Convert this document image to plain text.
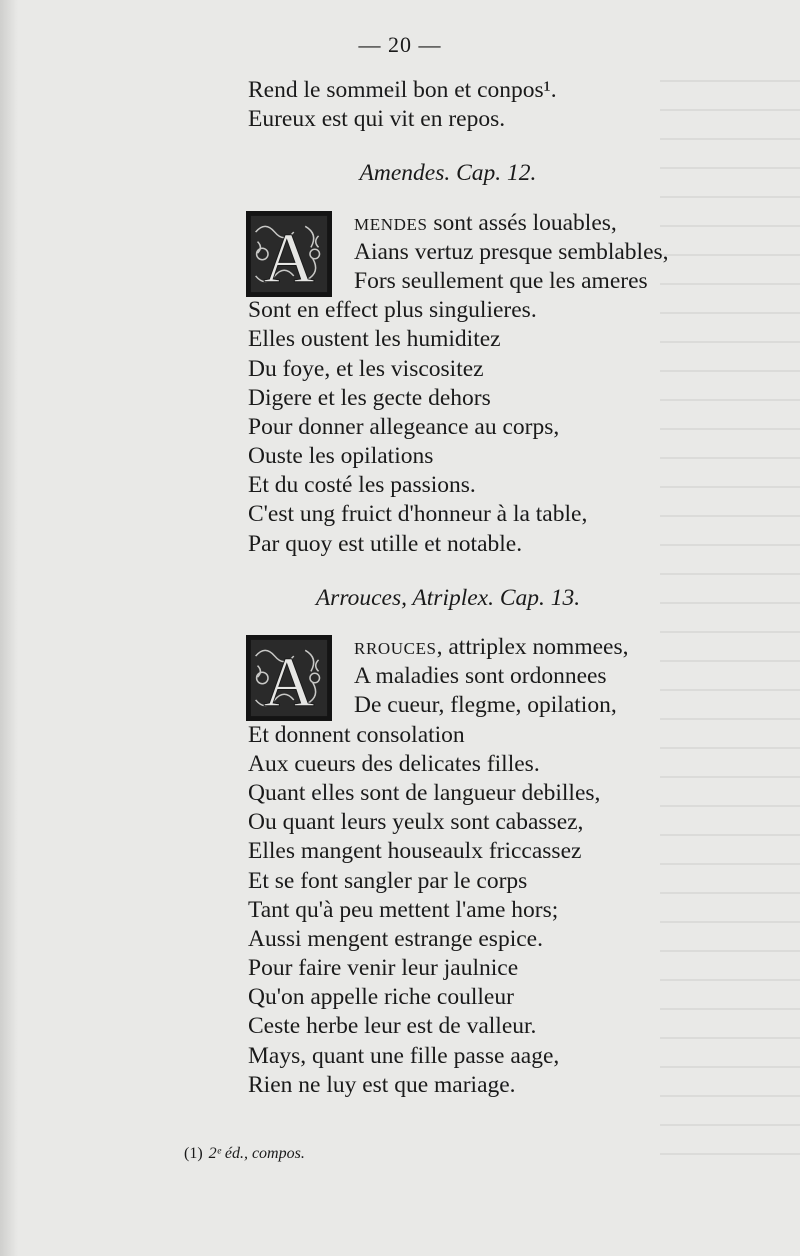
— 20 —
Rend le sommeil bon et conpos¹.
Eureux est qui vit en repos.
Amendes. Cap. 12.
A	MENDES sont assés louables,
Aians vertuz presque semblables,
Fors seullement que les ameres
Sont en effect plus singulieres.
Elles oustent les humiditez
Du foye, et les viscositez
Digere et les gecte dehors
Pour donner allegeance au corps,
Ouste les opilations
Et du costé les passions.
C'est ung fruict d'honneur à la table,
Par quoy est utille et notable.
Arrouces, Atriplex. Cap. 13.
A	RROUCES, attriplex nommees,
A maladies sont ordonnees
De cueur, flegme, opilation,
Et donnent consolation
Aux cueurs des delicates filles.
Quant elles sont de langueur debilles,
Ou quant leurs yeulx sont cabassez,
Elles mangent houseaulx friccassez
Et se font sangler par le corps
Tant qu'à peu mettent l'ame hors;
Aussi mengent estrange espice.
Pour faire venir leur jaulnice
Qu'on appelle riche coulleur
Ceste herbe leur est de valleur.
Mays, quant une fille passe aage,
Rien ne luy est que mariage.
(1) 2ᵉ éd., compos.
